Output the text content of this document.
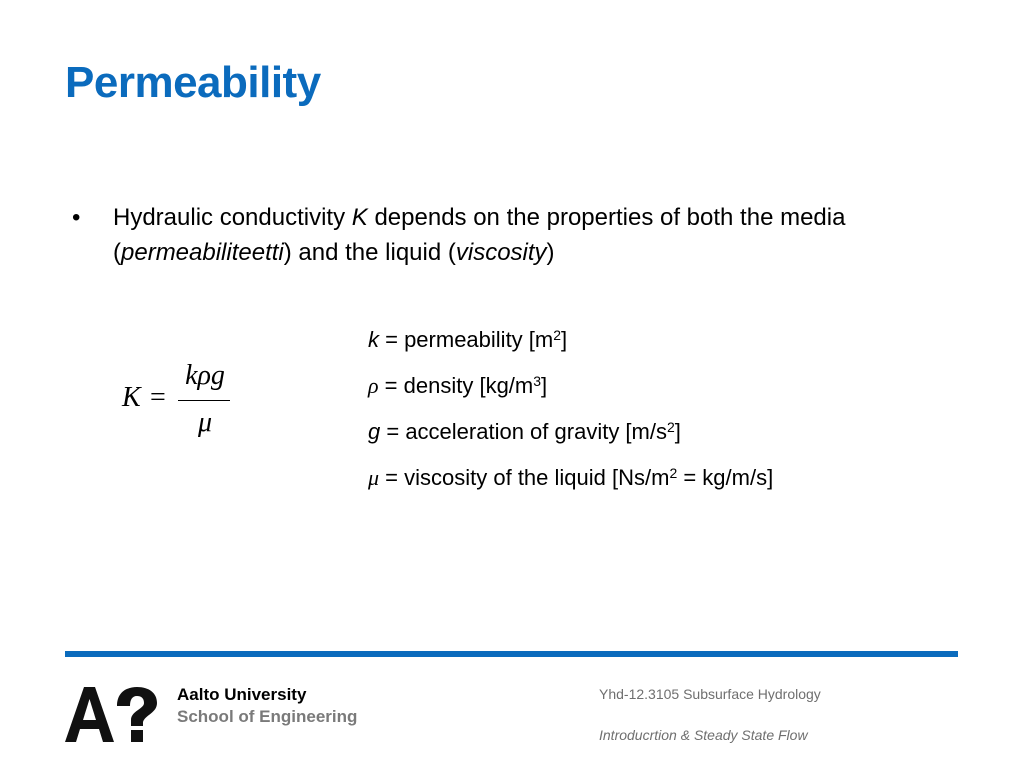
Permeability
• Hydraulic conductivity K depends on the properties of both the media (permeabiliteetti) and the liquid (viscosity)
K =
kρg
μ
k = permeability $[m^2]$
ρ = density $[kg/m^3]$
g = acceleration of gravity $[m/s^2]$
μ = viscosity of the liquid $[Ns/m^2 = kg/m/s]$
Aalto University
School of Engineering
Yhd-12.3105 Subsurface Hydrology
Introducrtion & Steady State Flow
